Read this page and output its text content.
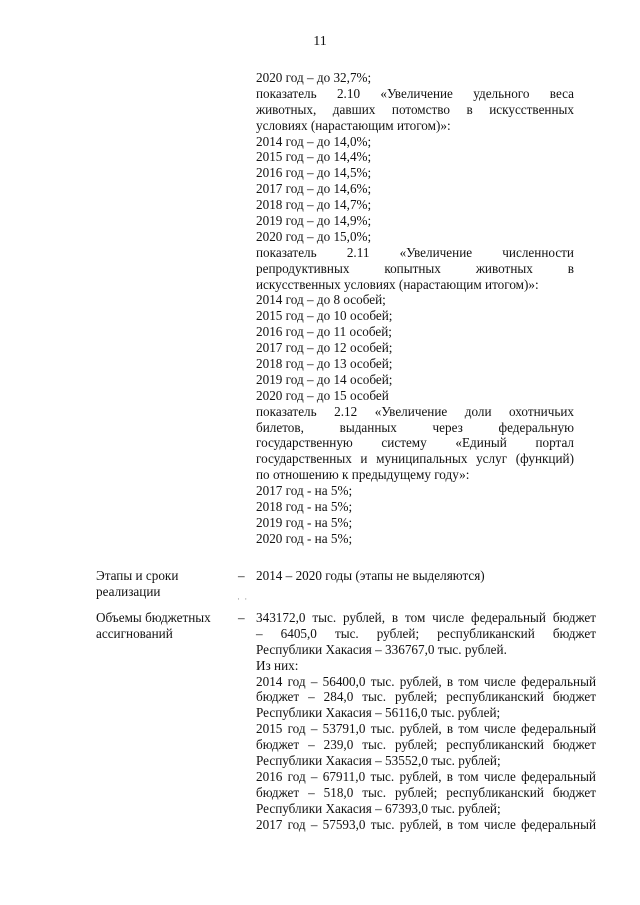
11
2020 год – до 32,7%;
показатель 2.10 «Увеличение удельного веса
животных, давших потомство в искусственных
условиях (нарастающим итогом)»:
2014 год – до 14,0%;
2015 год – до 14,4%;
2016 год – до 14,5%;
2017 год – до 14,6%;
2018 год – до 14,7%;
2019 год – до 14,9%;
2020 год – до 15,0%;
показатель 2.11 «Увеличение численности
репродуктивных копытных животных в
искусственных условиях (нарастающим итогом)»:
2014 год – до 8 особей;
2015 год – до 10 особей;
2016 год – до 11 особей;
2017 год – до 12 особей;
2018 год – до 13 особей;
2019 год – до 14 особей;
2020 год – до 15 особей
показатель 2.12 «Увеличение доли охотничьих
билетов, выданных через федеральную
государственную систему «Единый портал
государственных и муниципальных услуг (функций)
по отношению к предыдущему году»:
2017 год - на 5%;
2018 год - на 5%;
2019 год - на 5%;
2020 год - на 5%;
Этапы и сроки
реализации
– 2014 – 2020 годы (этапы не выделяются)
· ·
Объемы бюджетных
ассигнований
– 343172,0 тыс. рублей, в том числе федеральный бюджет
– 6405,0 тыс. рублей; республиканский бюджет
Республики Хакасия – 336767,0 тыс. рублей.
Из них:
2014 год – 56400,0 тыс. рублей, в том числе федеральный
бюджет – 284,0 тыс. рублей; республиканский бюджет
Республики Хакасия – 56116,0 тыс. рублей;
2015 год – 53791,0 тыс. рублей, в том числе федеральный
бюджет – 239,0 тыс. рублей; республиканский бюджет
Республики Хакасия – 53552,0 тыс. рублей;
2016 год – 67911,0 тыс. рублей, в том числе федеральный
бюджет – 518,0 тыс. рублей; республиканский бюджет
Республики Хакасия – 67393,0 тыс. рублей;
2017 год – 57593,0 тыс. рублей, в том числе федеральный
